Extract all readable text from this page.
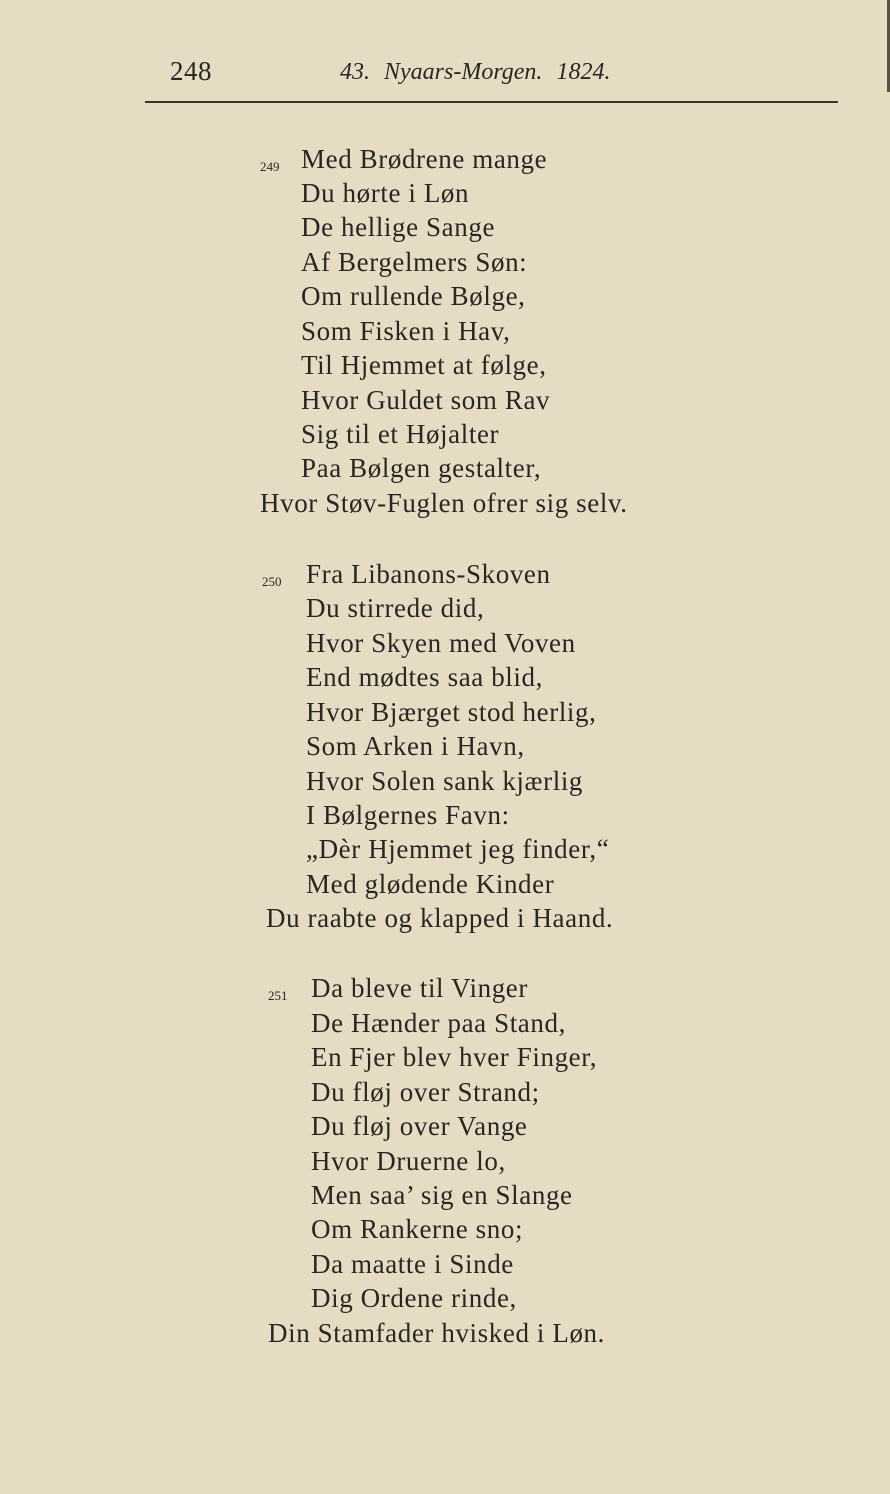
248	43. Nyaars-Morgen. 1824.
249 Med Brødrene mange
Du hørte i Løn
De hellige Sange
Af Bergelmers Søn:
Om rullende Bølge,
Som Fisken i Hav,
Til Hjemmet at følge,
Hvor Guldet som Rav
Sig til et Højalter
Paa Bølgen gestalter,
Hvor Støv-Fuglen ofrer sig selv.
250 Fra Libanons-Skoven
Du stirrede did,
Hvor Skyen med Voven
End mødtes saa blid,
Hvor Bjærget stod herlig,
Som Arken i Havn,
Hvor Solen sank kjærlig
I Bølgernes Favn:
„Dèr Hjemmet jeg finder,“
Med glødende Kinder
Du raabte og klapped i Haand.
251 Da bleve til Vinger
De Hænder paa Stand,
En Fjer blev hver Finger,
Du fløj over Strand;
Du fløj over Vange
Hvor Druerne lo,
Men saa’ sig en Slange
Om Rankerne sno;
Da maatte i Sinde
Dig Ordene rinde,
Din Stamfader hvisked i Løn.
